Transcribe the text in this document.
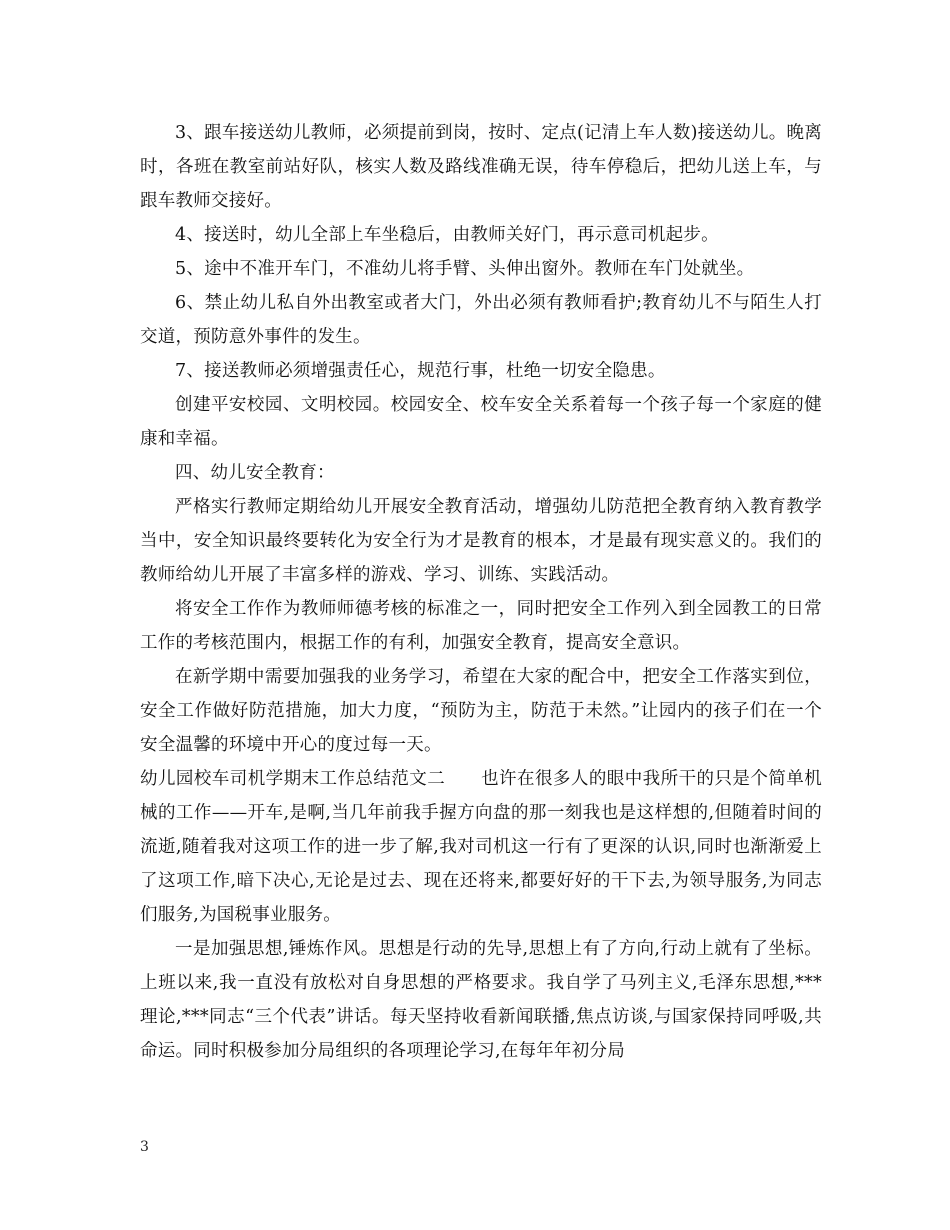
3、跟车接送幼儿教师，必须提前到岗，按时、定点(记清上车人数)接送幼儿。晚离时，各班在教室前站好队，核实人数及路线准确无误，待车停稳后，把幼儿送上车，与跟车教师交接好。

4、接送时，幼儿全部上车坐稳后，由教师关好门，再示意司机起步。

5、途中不准开车门，不准幼儿将手臂、头伸出窗外。教师在车门处就坐。

6、禁止幼儿私自外出教室或者大门，外出必须有教师看护;教育幼儿不与陌生人打交道，预防意外事件的发生。

7、接送教师必须增强责任心，规范行事，杜绝一切安全隐患。

创建平安校园、文明校园。校园安全、校车安全关系着每一个孩子每一个家庭的健康和幸福。

四、幼儿安全教育：

严格实行教师定期给幼儿开展安全教育活动，增强幼儿防范把全教育纳入教育教学当中，安全知识最终要转化为安全行为才是教育的根本，才是最有现实意义的。我们的教师给幼儿开展了丰富多样的游戏、学习、训练、实践活动。

将安全工作作为教师师德考核的标准之一，同时把安全工作列入到全园教工的日常工作的考核范围内，根据工作的有利，加强安全教育，提高安全意识。

在新学期中需要加强我的业务学习，希望在大家的配合中，把安全工作落实到位，安全工作做好防范措施，加大力度，“预防为主，防范于未然。”让园内的孩子们在一个安全温馨的环境中开心的度过每一天。

幼儿园校车司机学期末工作总结范文二　　也许在很多人的眼中我所干的只是个简单机械的工作——开车,是啊,当几年前我手握方向盘的那一刻我也是这样想的,但随着时间的流逝,随着我对这项工作的进一步了解,我对司机这一行有了更深的认识,同时也渐渐爱上了这项工作,暗下决心,无论是过去、现在还将来,都要好好的干下去,为领导服务,为同志们服务,为国税事业服务。

一是加强思想,锤炼作风。思想是行动的先导,思想上有了方向,行动上就有了坐标。上班以来,我一直没有放松对自身思想的严格要求。我自学了马列主义,毛泽东思想,***理论,***同志“三个代表”讲话。每天坚持收看新闻联播,焦点访谈,与国家保持同呼吸,共命运。同时积极参加分局组织的各项理论学习,在每年年初分局

3
